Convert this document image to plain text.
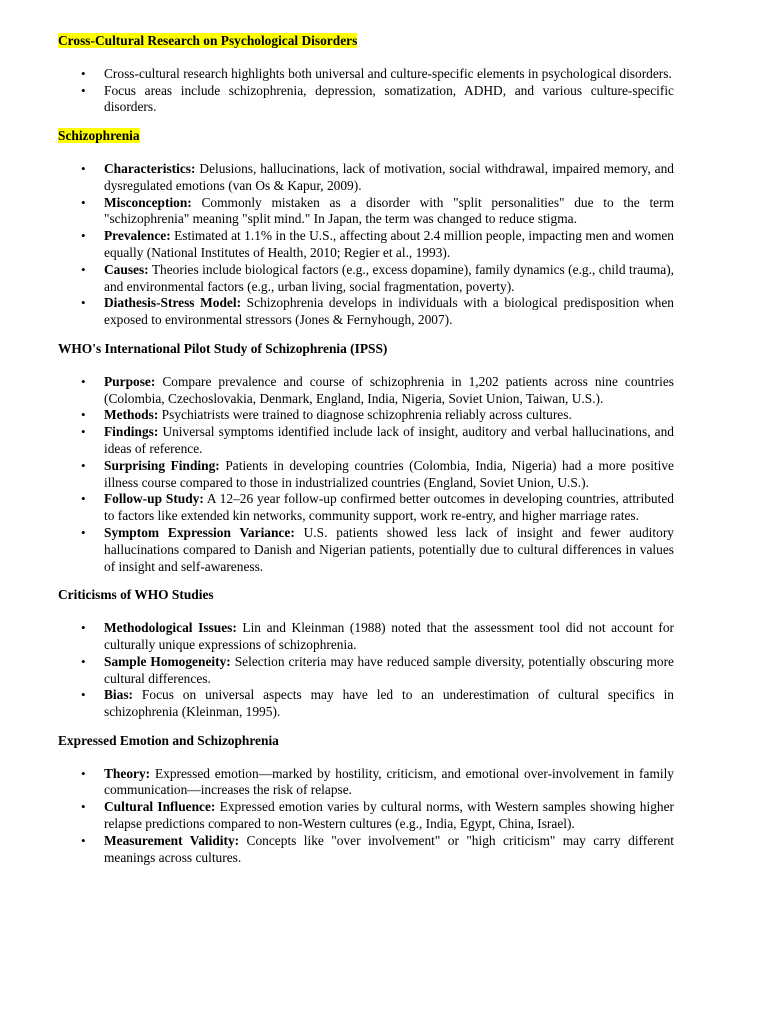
Cross-Cultural Research on Psychological Disorders
• Cross-cultural research highlights both universal and culture-specific elements in psychological disorders.
• Focus areas include schizophrenia, depression, somatization, ADHD, and various culture-specific disorders.
Schizophrenia
• Characteristics: Delusions, hallucinations, lack of motivation, social withdrawal, impaired memory, and dysregulated emotions (van Os & Kapur, 2009).
• Misconception: Commonly mistaken as a disorder with "split personalities" due to the term "schizophrenia" meaning "split mind." In Japan, the term was changed to reduce stigma.
• Prevalence: Estimated at 1.1% in the U.S., affecting about 2.4 million people, impacting men and women equally (National Institutes of Health, 2010; Regier et al., 1993).
• Causes: Theories include biological factors (e.g., excess dopamine), family dynamics (e.g., child trauma), and environmental factors (e.g., urban living, social fragmentation, poverty).
• Diathesis-Stress Model: Schizophrenia develops in individuals with a biological predisposition when exposed to environmental stressors (Jones & Fernyhough, 2007).
WHO's International Pilot Study of Schizophrenia (IPSS)
• Purpose: Compare prevalence and course of schizophrenia in 1,202 patients across nine countries (Colombia, Czechoslovakia, Denmark, England, India, Nigeria, Soviet Union, Taiwan, U.S.).
• Methods: Psychiatrists were trained to diagnose schizophrenia reliably across cultures.
• Findings: Universal symptoms identified include lack of insight, auditory and verbal hallucinations, and ideas of reference.
• Surprising Finding: Patients in developing countries (Colombia, India, Nigeria) had a more positive illness course compared to those in industrialized countries (England, Soviet Union, U.S.).
• Follow-up Study: A 12–26 year follow-up confirmed better outcomes in developing countries, attributed to factors like extended kin networks, community support, work re-entry, and higher marriage rates.
• Symptom Expression Variance: U.S. patients showed less lack of insight and fewer auditory hallucinations compared to Danish and Nigerian patients, potentially due to cultural differences in values of insight and self-awareness.
Criticisms of WHO Studies
• Methodological Issues: Lin and Kleinman (1988) noted that the assessment tool did not account for culturally unique expressions of schizophrenia.
• Sample Homogeneity: Selection criteria may have reduced sample diversity, potentially obscuring more cultural differences.
• Bias: Focus on universal aspects may have led to an underestimation of cultural specifics in schizophrenia (Kleinman, 1995).
Expressed Emotion and Schizophrenia
• Theory: Expressed emotion—marked by hostility, criticism, and emotional over-involvement in family communication—increases the risk of relapse.
• Cultural Influence: Expressed emotion varies by cultural norms, with Western samples showing higher relapse predictions compared to non-Western cultures (e.g., India, Egypt, China, Israel).
• Measurement Validity: Concepts like "over involvement" or "high criticism" may carry different meanings across cultures.
